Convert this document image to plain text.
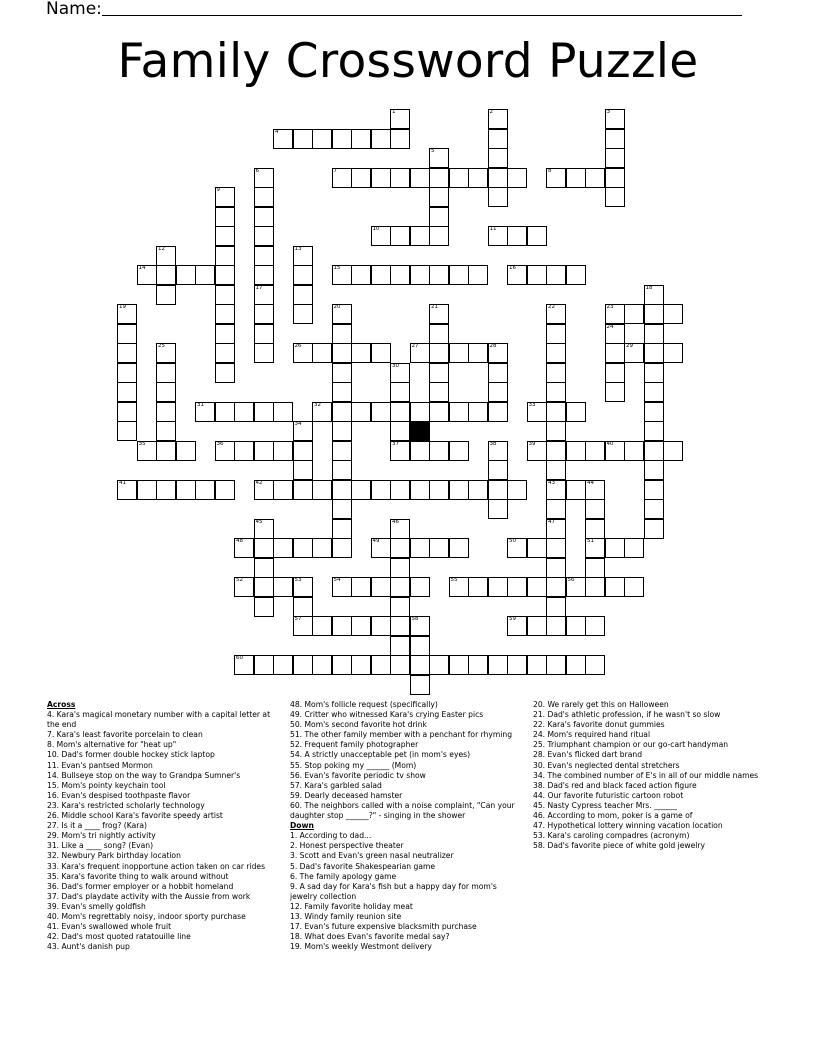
Name:
Family Crossword Puzzle
1	2	3
4
5
6
17
7	8
9
10	11
12	13
14	15	16
18
19	20	21	22
43
47
23
24
25	26	27	28	29
30
37
31	32	33
34
35	36	38	39	40
41	42	44
51
45	46
48	49	50
52	53
57
54	55	56
58	59
60
Across
4. Kara's magical monetary number with a capital letter at the end
7. Kara's least favorite porcelain to clean
8. Mom's alternative for "heat up"
10. Dad's former double hockey stick laptop
11. Evan's pantsed Mormon
14. Bullseye stop on the way to Grandpa Sumner's
15. Mom's pointy keychain tool
16. Evan's despised toothpaste flavor
23. Kara's restricted scholarly technology
26. Middle school Kara's favorite speedy artist
27. Is it a ____ frog? (Kara)
29. Mom's tri nightly activity
31. Like a ____ song? (Evan)
32. Newbury Park birthday location
33. Kara's frequent inopportune action taken on car rides
35. Kara's favorite thing to walk around without
36. Dad's former employer or a hobbit homeland
37. Dad's playdate activity with the Aussie from work
39. Evan's smelly goldfish
40. Mom's regrettably noisy, indoor sporty purchase
41. Evan's swallowed whole fruit
42. Dad's most quoted ratatouille line
43. Aunt's danish pup
48. Mom's follicle request (specifically)
49. Critter who witnessed Kara's crying Easter pics
50. Mom's second favorite hot drink
51. The other family member with a penchant for rhyming
52. Frequent family photographer
54. A strictly unacceptable pet (in mom's eyes)
55. Stop poking my ______ (Mom)
56. Evan's favorite periodic tv show
57. Kara's garbled salad
59. Dearly deceased hamster
60. The neighbors called with a noise complaint, "Can your daughter stop ______?" - singing in the shower
Down
1. According to dad...
2. Honest perspective theater
3. Scott and Evan's green nasal neutralizer
5. Dad's favorite Shakespearian game
6. The family apology game
9. A sad day for Kara's fish but a happy day for mom's jewelry collection
12. Family favorite holiday meat
13. Windy family reunion site
17. Evan's future expensive blacksmith purchase
18. What does Evan's favorite medal say?
19. Mom's weekly Westmont delivery
20. We rarely get this on Halloween
21. Dad's athletic profession, if he wasn't so slow
22. Kara's favorite donut gummies
24. Mom's required hand ritual
25. Triumphant champion or our go-cart handyman
28. Evan's flicked dart brand
30. Evan's neglected dental stretchers
34. The combined number of E's in all of our middle names
38. Dad's red and black faced action figure
44. Our favorite futuristic cartoon robot
45. Nasty Cypress teacher Mrs. ______
46. According to mom, poker is a game of
47. Hypothetical lottery winning vacation location
53. Kara's caroling compadres (acronym)
58. Dad's favorite piece of white gold jewelry
